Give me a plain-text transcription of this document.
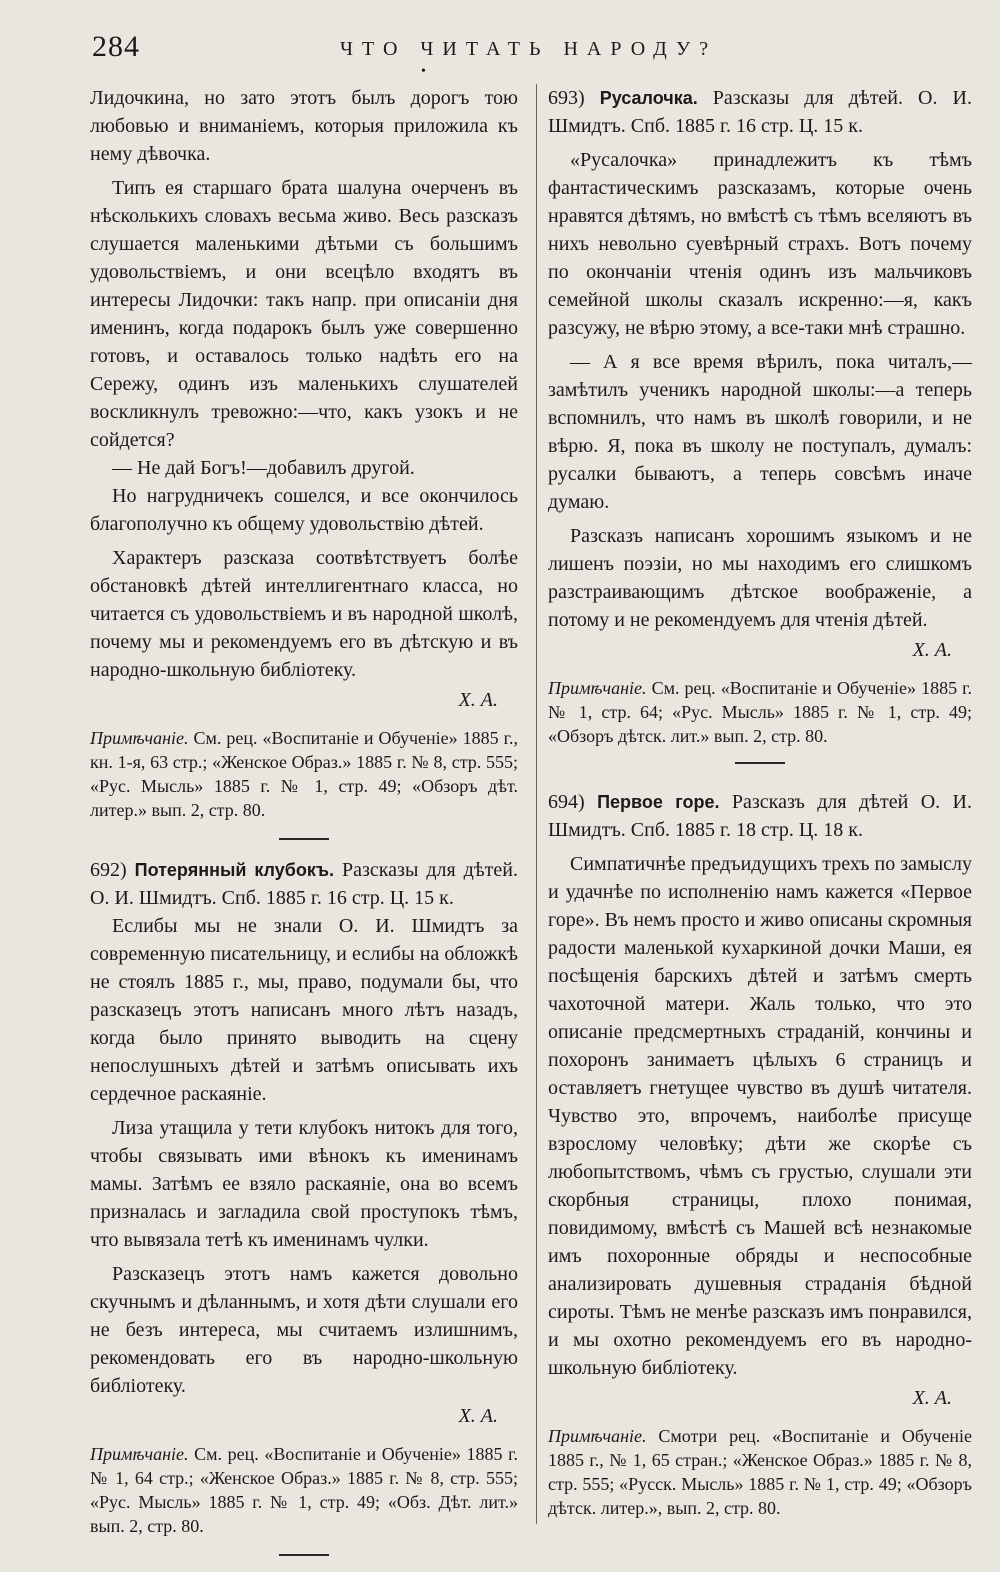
284	ЧТО ЧИТАТЬ НАРОДУ?
•

Лидочкина, но зато этотъ былъ дорогъ тою любовью и вниманіемъ, которыя приложила къ нему дѣвочка.

Типъ ея старшаго брата шалуна очерченъ въ нѣсколькихъ словахъ весьма живо. Весь разсказъ слушается маленькими дѣтьми съ большимъ удовольствіемъ, и они всецѣло входятъ въ интересы Лидочки: такъ напр. при описаніи дня именинъ, когда подарокъ былъ уже совершенно готовъ, и оставалось только надѣть его на Сережу, одинъ изъ маленькихъ слушателей воскликнулъ тревожно:—что, какъ узокъ и не сойдется?

— Не дай Богъ!—добавилъ другой.

Но нагрудничекъ сошелся, и все окончилось благополучно къ общему удовольствію дѣтей.

Характеръ разсказа соотвѣтствуетъ болѣе обстановкѣ дѣтей интеллигентнаго класса, но читается съ удовольствіемъ и въ народной школѣ, почему мы и рекомендуемъ его въ дѣтскую и въ народно-школьную библіотеку.

Х. А.
Примѣчаніе. См. рец. «Воспитаніе и Обученіе» 1885 г., кн. 1-я, 63 стр.; «Женское Образ.» 1885 г. № 8, стр. 555; «Рус. Мысль» 1885 г. № 1, стр. 49; «Обзоръ дѣт. литер.» вып. 2, стр. 80.

692) Потерянный клубокъ. Разсказы для дѣтей. О. И. Шмидтъ. Спб. 1885 г. 16 стр. Ц. 15 к.

Еслибы мы не знали О. И. Шмидтъ за современную писательницу, и еслибы на обложкѣ не стоялъ 1885 г., мы, право, подумали бы, что разсказецъ этотъ написанъ много лѣтъ назадъ, когда было принято выводить на сцену непослушныхъ дѣтей и затѣмъ описывать ихъ сердечное раскаяніе.

Лиза утащила у тети клубокъ нитокъ для того, чтобы связывать ими вѣнокъ къ именинамъ мамы. Затѣмъ ее взяло раскаяніе, она во всемъ призналась и загладила свой проступокъ тѣмъ, что вывязала тетѣ къ именинамъ чулки.

Разсказецъ этотъ намъ кажется довольно скучнымъ и дѣланнымъ, и хотя дѣти слушали его не безъ интереса, мы считаемъ излишнимъ, рекомендовать его въ народно-школьную библіотеку.

Х. А.
Примѣчаніе. См. рец. «Воспитаніе и Обученіе» 1885 г. № 1, 64 стр.; «Женское Образ.» 1885 г. № 8, стр. 555; «Рус. Мысль» 1885 г. № 1, стр. 49; «Обз. Дѣт. лит.» вып. 2, стр. 80.

693) Русалочка. Разсказы для дѣтей. О. И. Шмидтъ. Спб. 1885 г. 16 стр. Ц. 15 к.

«Русалочка» принадлежитъ къ тѣмъ фантастическимъ разсказамъ, которые очень нравятся дѣтямъ, но вмѣстѣ съ тѣмъ вселяютъ въ нихъ невольно суевѣрный страхъ. Вотъ почему по окончаніи чтенія одинъ изъ мальчиковъ семейной школы сказалъ искренно:—я, какъ разсужу, не вѣрю этому, а все-таки мнѣ страшно.

— А я все время вѣрилъ, пока читалъ,— замѣтилъ ученикъ народной школы:—а теперь вспомнилъ, что намъ въ школѣ говорили, и не вѣрю. Я, пока въ школу не поступалъ, думалъ: русалки бываютъ, а теперь совсѣмъ иначе думаю.

Разсказъ написанъ хорошимъ языкомъ и не лишенъ поэзіи, но мы находимъ его слишкомъ разстраивающимъ дѣтское воображеніе, а потому и не рекомендуемъ для чтенія дѣтей.

Х. А.
Примѣчаніе. См. рец. «Воспитаніе и Обученіе» 1885 г. № 1, стр. 64; «Рус. Мысль» 1885 г. № 1, стр. 49; «Обзоръ дѣтск. лит.» вып. 2, стр. 80.

694) Первое горе. Разсказъ для дѣтей О. И. Шмидтъ. Спб. 1885 г. 18 стр. Ц. 18 к.

Симпатичнѣе предъидущихъ трехъ по замыслу и удачнѣе по исполненію намъ кажется «Первое горе». Въ немъ просто и живо описаны скромныя радости маленькой кухаркиной дочки Маши, ея посѣщенія барскихъ дѣтей и затѣмъ смерть чахоточной матери. Жаль только, что это описаніе предсмертныхъ страданій, кончины и похоронъ занимаетъ цѣлыхъ 6 страницъ и оставляетъ гнетущее чувство въ душѣ читателя. Чувство это, впрочемъ, наиболѣе присуще взрослому человѣку; дѣти же скорѣе съ любопытствомъ, чѣмъ съ грустью, слушали эти скорбныя страницы, плохо понимая, повидимому, вмѣстѣ съ Машей всѣ незнакомые имъ похоронные обряды и неспособные анализировать душевныя страданія бѣдной сироты. Тѣмъ не менѣе разсказъ имъ понравился, и мы охотно рекомендуемъ его въ народно-школьную библіотеку.

Х. А.
Примѣчаніе. Смотри рец. «Воспитаніе и Обученіе 1885 г., № 1, 65 стран.; «Женское Образ.» 1885 г. № 8, стр. 555; «Русск. Мысль» 1885 г. № 1, стр. 49; «Обзоръ дѣтск. литер.», вып. 2, стр. 80.
